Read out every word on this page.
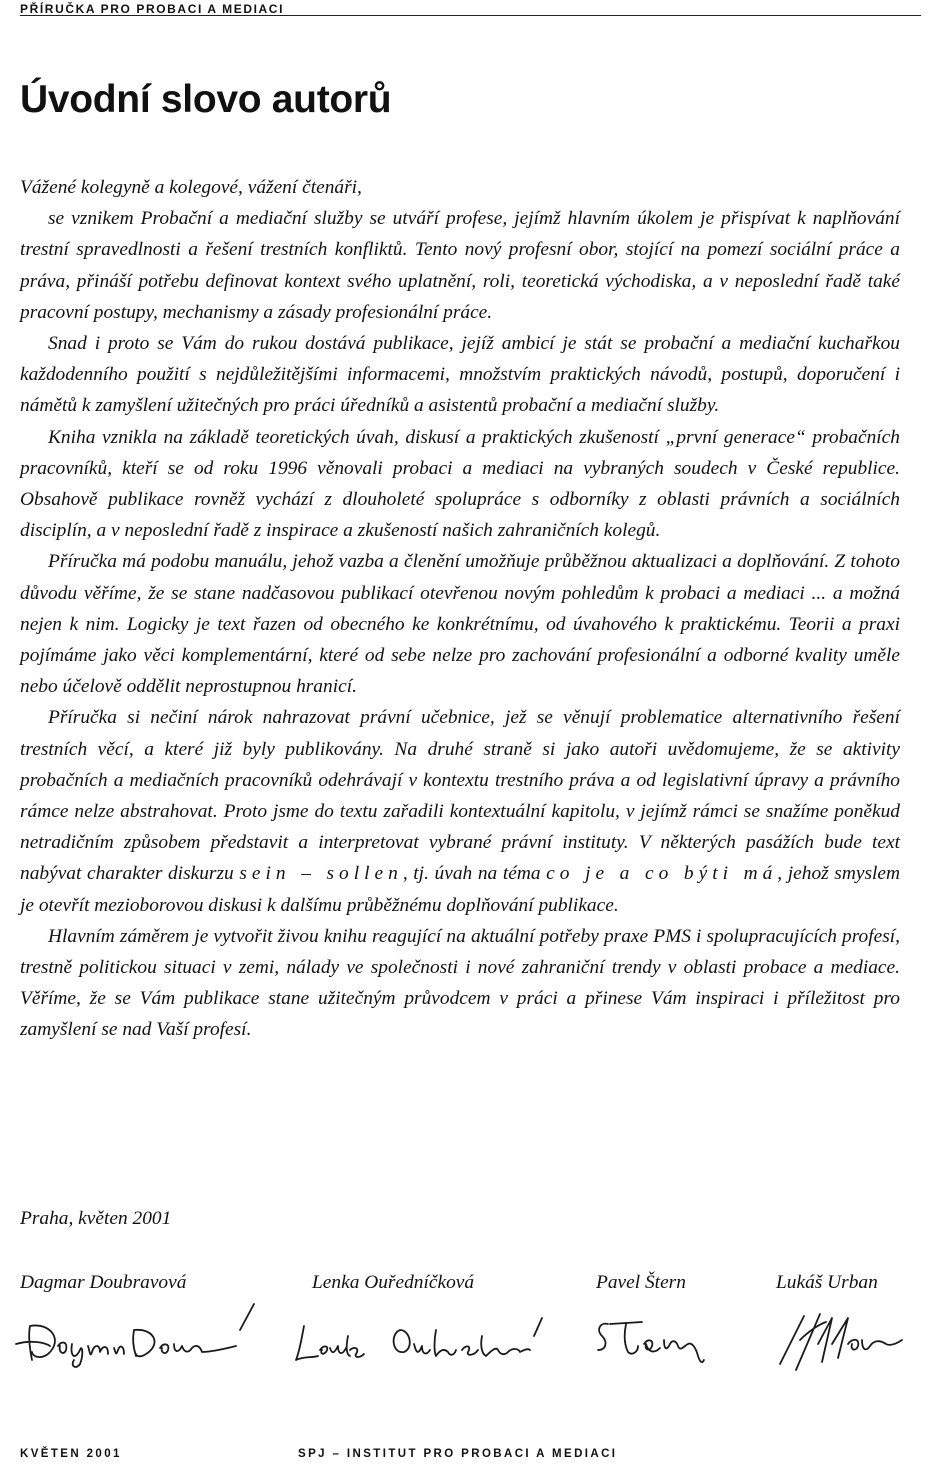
PŘÍRUČKA PRO PROBACI A MEDIACI
Úvodní slovo autorů

Vážené kolegyně a kolegové, vážení čtenáři,

se vznikem Probační a mediační služby se utváří profese, jejímž hlavním úkolem je přispívat k naplňování trestní spravedlnosti a řešení trestních konfliktů. Tento nový profesní obor, stojící na pomezí sociální práce a práva, přináší potřebu definovat kontext svého uplatnění, roli, teoretická východiska, a v neposlední řadě také pracovní postupy, mechanismy a zásady profesionální práce.

Snad i proto se Vám do rukou dostává publikace, jejíž ambicí je stát se probační a mediační kuchařkou každodenního použití s nejdůležitějšími informacemi, množstvím praktických návodů, postupů, doporučení i námětů k zamyšlení užitečných pro práci úředníků a asistentů probační a mediační služby.

Kniha vznikla na základě teoretických úvah, diskusí a praktických zkušeností „první generace“ probačních pracovníků, kteří se od roku 1996 věnovali probaci a mediaci na vybraných soudech v České republice. Obsahově publikace rovněž vychází z dlouholeté spolupráce s odborníky z oblasti právních a sociálních disciplín, a v neposlední řadě z inspirace a zkušeností našich zahraničních kolegů.

Příručka má podobu manuálu, jehož vazba a členění umožňuje průběžnou aktualizaci a doplňování. Z tohoto důvodu věříme, že se stane nadčasovou publikací otevřenou novým pohledům k probaci a mediaci ... a možná nejen k nim. Logicky je text řazen od obecného ke konkrétnímu, od úvahového k praktickému. Teorii a praxi pojímáme jako věci komplementární, které od sebe nelze pro zachování profesionální a odborné kvality uměle nebo účelově oddělit neprostupnou hranicí.

Příručka si nečiní nárok nahrazovat právní učebnice, jež se věnují problematice alternativního řešení trestních věcí, a které již byly publikovány. Na druhé straně si jako autoři uvědomujeme, že se aktivity probačních a mediačních pracovníků odehrávají v kontextu trestního práva a od legislativní úpravy a právního rámce nelze abstrahovat. Proto jsme do textu zařadili kontextuální kapitolu, v jejímž rámci se snažíme poněkud netradičním způsobem představit a interpretovat vybrané právní instituty. V některých pasážích bude text nabývat charakter diskurzu sein – sollen, tj. úvah na téma co je a co býti má, jehož smyslem je otevřít mezioborovou diskusi k dalšímu průběžnému doplňování publikace.

Hlavním záměrem je vytvořit živou knihu reagující na aktuální potřeby praxe PMS i spolupracujících profesí, trestně politickou situaci v zemi, nálady ve společnosti i nové zahraniční trendy v oblasti probace a mediace. Věříme, že se Vám publikace stane užitečným průvodcem v práci a přinese Vám inspiraci i příležitost pro zamyšlení se nad Vaší profesí.

Praha, květen 2001
Dagmar Doubravová	Lenka Ouředníčková	Pavel Štern	Lukáš Urban
KVĚTEN 2001	SPJ – INSTITUT PRO PROBACI A MEDIACI
